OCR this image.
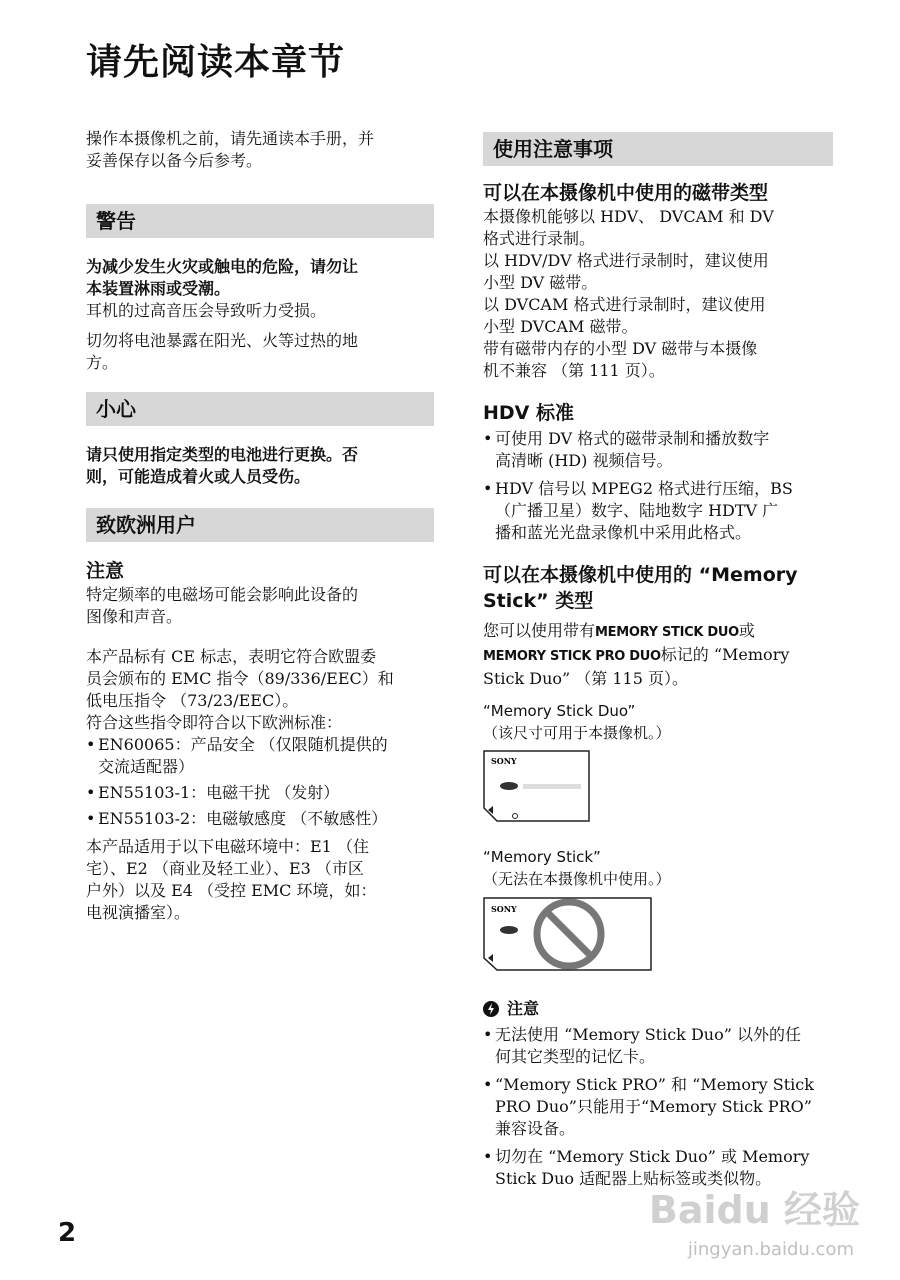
请先阅读本章节

操作本摄像机之前，请先通读本手册，并
妥善保存以备今后参考。

警告
为减少发生火灾或触电的危险，请勿让
本装置淋雨或受潮。

耳机的过高音压会导致听力受损。

切勿将电池暴露在阳光、火等过热的地
方。

小心
请只使用指定类型的电池进行更换。否
则，可能造成着火或人员受伤。
致欧洲用户
注意

特定频率的电磁场可能会影响此设备的
图像和声音。

本产品标有 CE 标志，表明它符合欧盟委
员会颁布的 EMC 指令（89/336/EEC）和
低电压指令 （73/23/EEC）。
符合这些指令即符合以下欧洲标准：

• EN60065：产品安全 （仅限随机提供的
交流适配器）
• EN55103-1：电磁干扰 （发射）
• EN55103-2：电磁敏感度 （不敏感性）

本产品适用于以下电磁环境中：E1 （住
宅）、E2 （商业及轻工业）、E3 （市区
户外）以及 E4 （受控 EMC 环境，如：
电视演播室）。

使用注意事项
可以在本摄像机中使用的磁带类型

本摄像机能够以 HDV、 DVCAM 和 DV
格式进行录制。
以 HDV/DV 格式进行录制时，建议使用
小型 DV 磁带。
以 DVCAM 格式进行录制时，建议使用
小型 DVCAM 磁带。
带有磁带内存的小型 DV 磁带与本摄像
机不兼容 （第 111 页）。

HDV 标准
• 可使用 DV 格式的磁带录制和播放数字
高清晰 (HD) 视频信号。
• HDV 信号以 MPEG2 格式进行压缩，BS
（广播卫星）数字、陆地数字 HDTV 广
播和蓝光光盘录像机中采用此格式。
可以在本摄像机中使用的 “Memory
Stick” 类型

您可以使用带有MEMORY STICK DUO或
MEMORY STICK PRO DUO标记的 “Memory
Stick Duo” （第 115 页）。

“Memory Stick Duo”
（该尺寸可用于本摄像机。）
SONY
“Memory Stick”
（无法在本摄像机中使用。）
SONY
注意
• 无法使用 “Memory Stick Duo” 以外的任
何其它类型的记忆卡。
• “Memory Stick PRO” 和 “Memory Stick
PRO Duo”只能用于“Memory Stick PRO”
兼容设备。
• 切勿在 “Memory Stick Duo” 或 Memory
Stick Duo 适配器上贴标签或类似物。
2
Baidu 经验
jingyan.baidu.com
